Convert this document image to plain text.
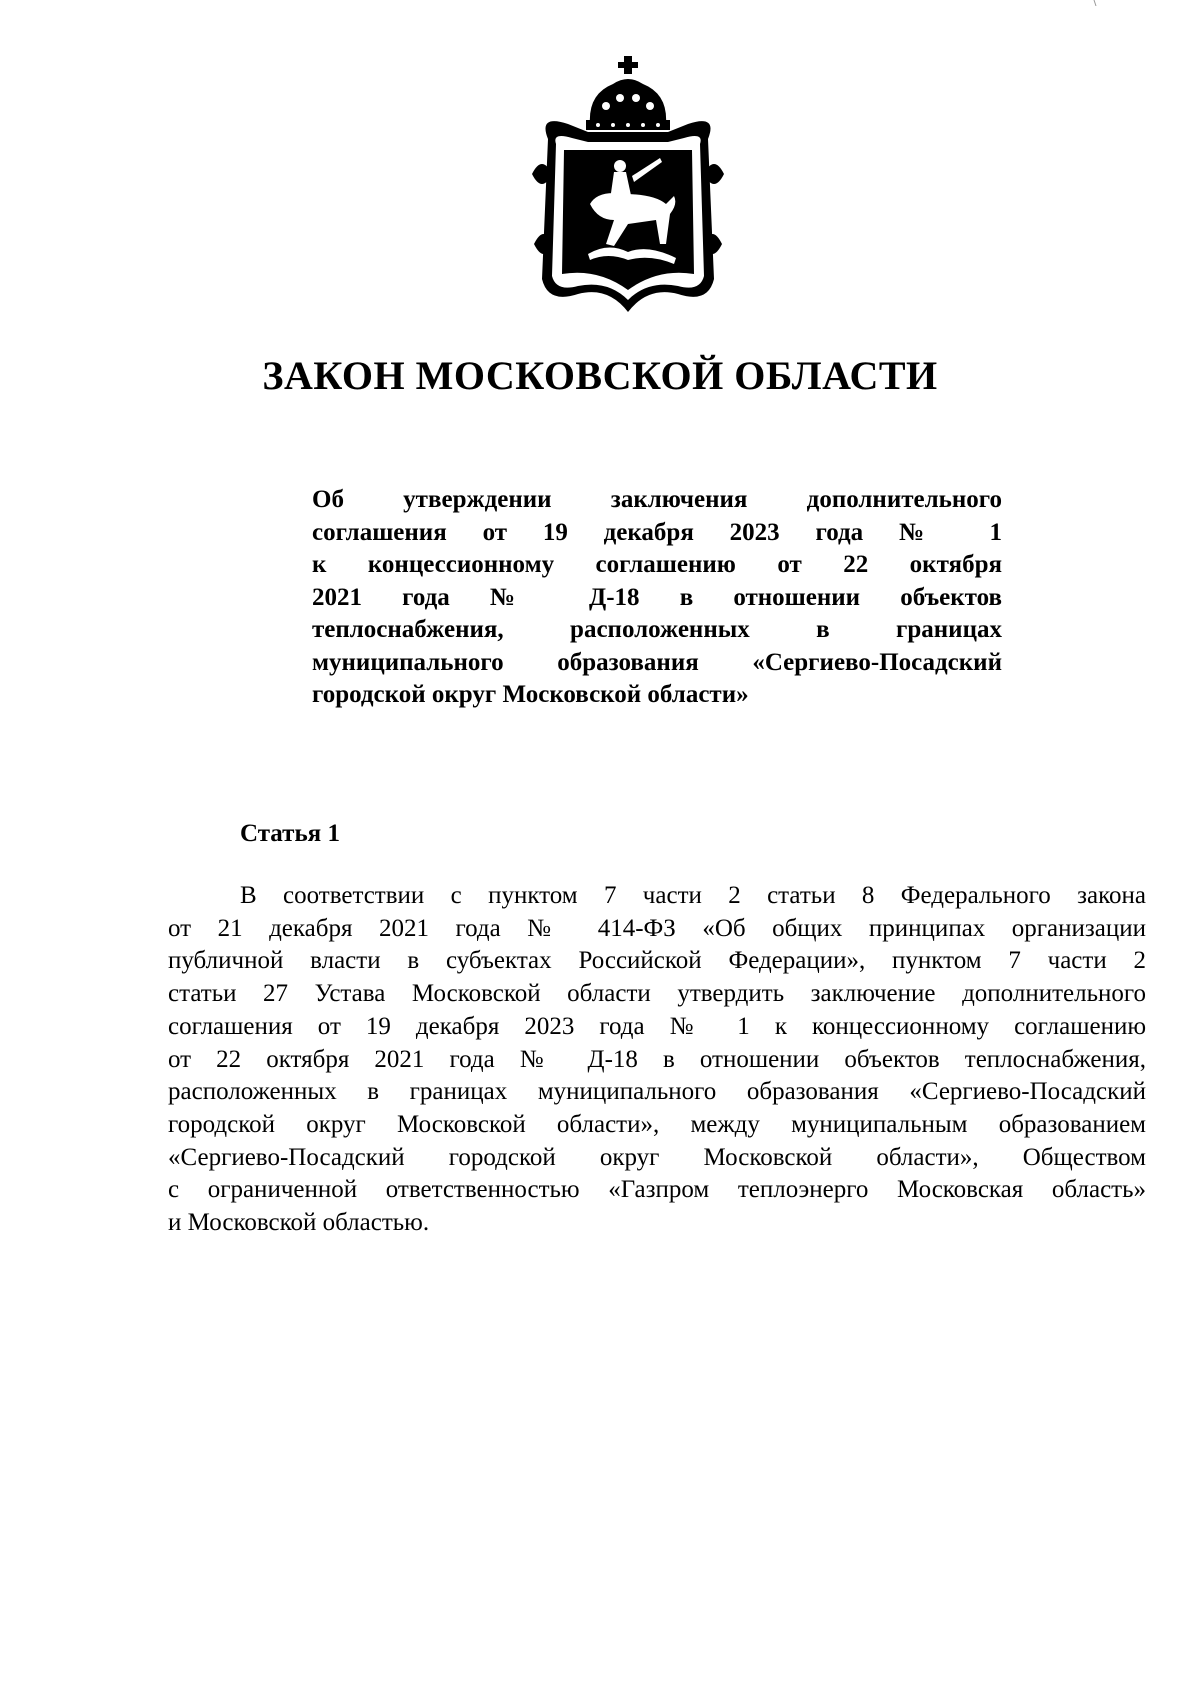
ЗАКОН МОСКОВСКОЙ ОБЛАСТИ
Об утверждении заключения дополнительного
соглашения от 19 декабря 2023 года № 1
к концессионному соглашению от 22 октября
2021 года № Д-18 в отношении объектов
теплоснабжения, расположенных в границах
муниципального образования «Сергиево-Посадский
городской округ Московской области»
Статья 1
В соответствии с пунктом 7 части 2 статьи 8 Федерального закона
от 21 декабря 2021 года № 414-ФЗ «Об общих принципах организации
публичной власти в субъектах Российской Федерации», пунктом 7 части 2
статьи 27 Устава Московской области утвердить заключение дополнительного
соглашения от 19 декабря 2023 года № 1 к концессионному соглашению
от 22 октября 2021 года № Д-18 в отношении объектов теплоснабжения,
расположенных в границах муниципального образования «Сергиево-Посадский
городской округ Московской области», между муниципальным образованием
«Сергиево-Посадский городской округ Московской области», Обществом
с ограниченной ответственностью «Газпром теплоэнерго Московская область»
и Московской областью.
